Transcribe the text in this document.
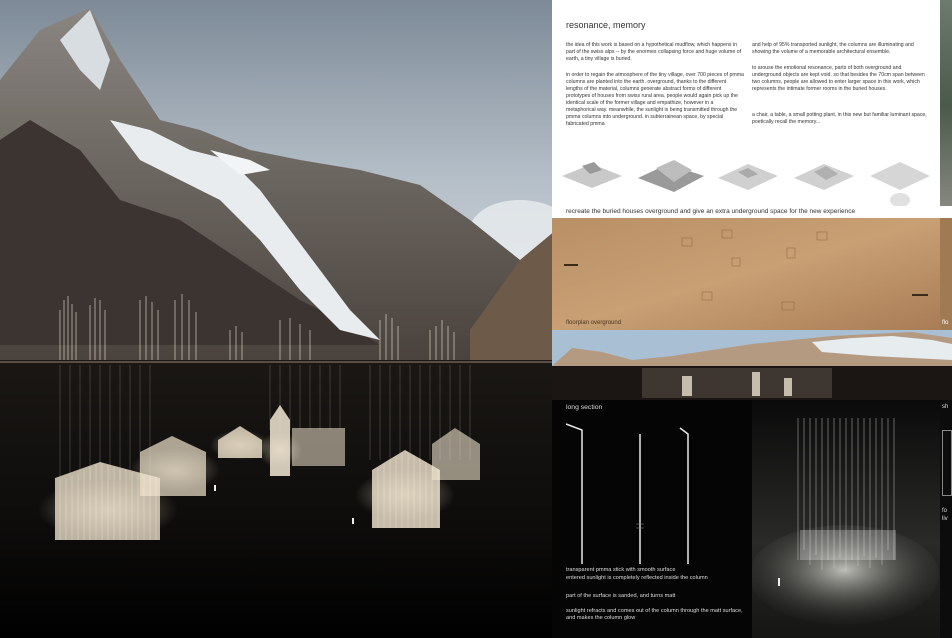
resonance, memory
the idea of this work is based on a hypothetical mudflow, which happens in part of the swiss alps -- by the enormes collapsing force and huge volume of earth, a tiny village is buried.
in order to regain the atmosphere of the tiny village, over 700 pieces of pmma columns are planted into the earth. overground, thanks to the different lengths of the material, columns generate abstract forms of different prototypes of houses from swiss rural area. people would again pick up the identical scale of the former village and empathize, however in a metaphorical way. meanwhile, the sunlight is being transmitted through the pmma columns into underground. in subterrainean space, by special fabricated pmma
and help of 95% transported sunlight, the columns are illuminating and showing the volume of a memorable architectural ensemble.
to arouse the emotional resonance, parts of both overground and underground objects are kept void. so that besides the 70cm span between two columns, people are allowed to enter larger space in this work, which represents the intimate former rooms in the buried houses.
a chair, a table, a small potting plant, in this new but familiar luminant space, poetically recall the memory...
recreate the buried houses overground and give an extra underground space for the new experience
floorplan overground	flo
long section
transparent pmma stick with smooth surface
entered sunlight is completely reflected inside the column
part of the surface is sanded, and turns matt
sunlight refracts and comes out of the column through the matt surface, and makes the column glow
sh
fo
liv
